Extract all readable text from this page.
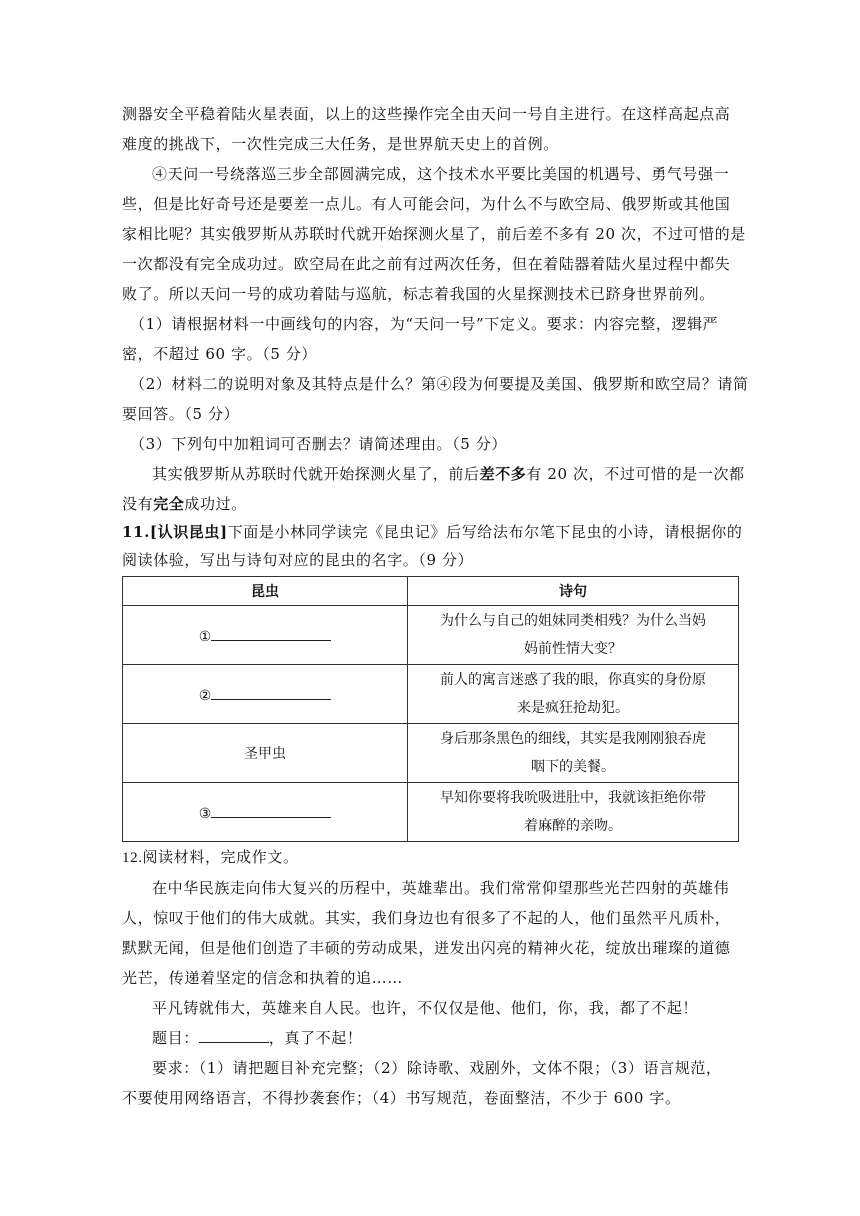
测器安全平稳着陆火星表面，以上的这些操作完全由天问一号自主进行。在这样高起点高
难度的挑战下，一次性完成三大任务，是世界航天史上的首例。
④天问一号绕落巡三步全部圆满完成，这个技术水平要比美国的机遇号、勇气号强一
些，但是比好奇号还是要差一点儿。有人可能会问，为什么不与欧空局、俄罗斯或其他国
家相比呢？其实俄罗斯从苏联时代就开始探测火星了，前后差不多有 20 次，不过可惜的是
一次都没有完全成功过。欧空局在此之前有过两次任务，但在着陆器着陆火星过程中都失
败了。所以天问一号的成功着陆与巡航，标志着我国的火星探测技术已跻身世界前列。
（1）请根据材料一中画线句的内容，为“天问一号”下定义。要求：内容完整，逻辑严
密，不超过 60 字。（5 分）
（2）材料二的说明对象及其特点是什么？第④段为何要提及美国、俄罗斯和欧空局？请简
要回答。（5 分）
（3）下列句中加粗词可否删去？请简述理由。（5 分）
其实俄罗斯从苏联时代就开始探测火星了，前后差不多有 20 次，不过可惜的是一次都
没有完全成功过。
11.[认识昆虫]下面是小林同学读完《昆虫记》后写给法布尔笔下昆虫的小诗，请根据你的
阅读体验，写出与诗句对应的昆虫的名字。（9 分）
昆虫	诗句
①	为什么与自己的姐妹同类相残？为什么当妈
妈前性情大变？

②	前人的寓言迷惑了我的眼，你真实的身份原
来是疯狂抢劫犯。

圣甲虫	身后那条黑色的细线，其实是我刚刚狼吞虎
咽下的美餐。

③	早知你要将我吮吸进肚中，我就该拒绝你带
着麻醉的亲吻。
12.阅读材料，完成作文。
在中华民族走向伟大复兴的历程中，英雄辈出。我们常常仰望那些光芒四射的英雄伟
人，惊叹于他们的伟大成就。其实，我们身边也有很多了不起的人，他们虽然平凡质朴，
默默无闻，但是他们创造了丰硕的劳动成果，迸发出闪亮的精神火花，绽放出璀璨的道德
光芒，传递着坚定的信念和执着的追……
平凡铸就伟大，英雄来自人民。也许，不仅仅是他、他们，你，我，都了不起！
题目：	，真了不起！
要求：（1）请把题目补充完整；（2）除诗歌、戏剧外，文体不限；（3）语言规范，
不要使用网络语言，不得抄袭套作；（4）书写规范，卷面整洁，不少于 600 字。
